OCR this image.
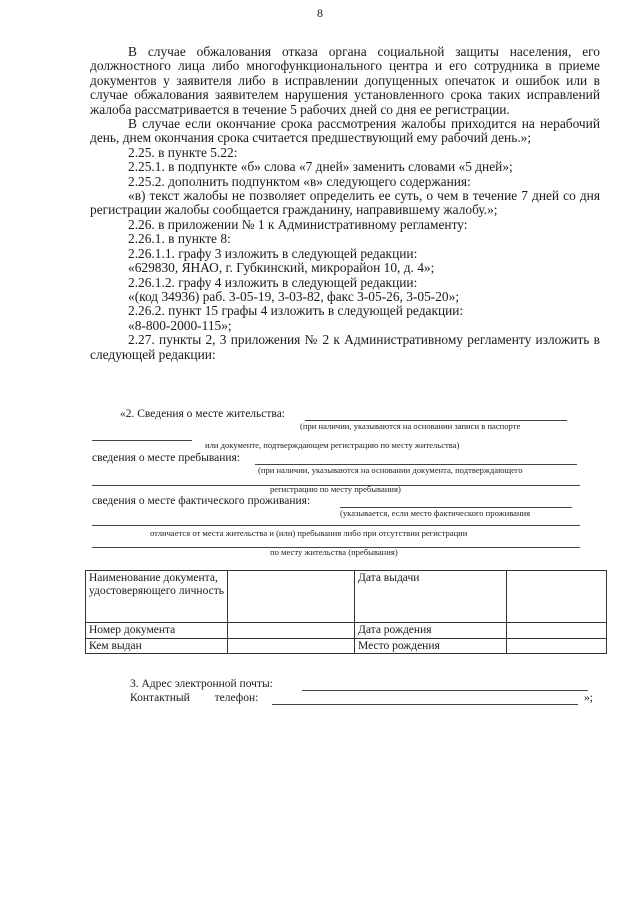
8

В случае обжалования отказа органа социальной защиты населения, его должностного лица либо многофункционального центра и его сотрудника в приеме документов у заявителя либо в исправлении допущенных опечаток и ошибок или в случае обжалования заявителем нарушения установленного срока таких исправлений жалоба рассматривается в течение 5 рабочих дней со дня ее регистрации.

В случае если окончание срока рассмотрения жалобы приходится на нерабочий день, днем окончания срока считается предшествующий ему рабочий день.»;

2.25. в пункте 5.22:

2.25.1. в подпункте «б» слова «7 дней» заменить словами «5 дней»;

2.25.2. дополнить подпунктом «в» следующего содержания:

«в) текст жалобы не позволяет определить ее суть, о чем в течение 7 дней со дня регистрации жалобы сообщается гражданину, направившему жалобу.»;

2.26. в приложении № 1 к Административному регламенту:

2.26.1. в пункте 8:

2.26.1.1. графу 3 изложить в следующей редакции:

«629830, ЯНАО, г. Губкинский, микрорайон 10, д. 4»;

2.26.1.2. графу 4 изложить в следующей редакции:

«(код 34936) раб. 3-05-19, 3-03-82, факс 3-05-26, 3-05-20»;

2.26.2. пункт 15 графы 4 изложить в следующей редакции:

«8-800-2000-115»;

2.27. пункты 2, 3 приложения № 2 к Административному регламенту изложить в следующей редакции:

«2. Сведения о месте жительства:
(при наличии, указываются на основании записи в паспорте
или документе, подтверждающем регистрацию по месту жительства)
сведения о месте пребывания:
(при наличии, указываются на основании документа, подтверждающего
регистрацию по месту пребывания)
сведения о месте фактического проживания:
(указывается, если место фактического проживания
отличается от места жительства и (или) пребывания либо при отсутствии регистрации
по месту жительства (пребывания)
Наименование документа, удостоверяющего личность		Дата выдачи	
Номер документа		Дата рождения	
Кем выдан		Место рождения	
3. Адрес электронной почты:
Контактный телефон:	»;
